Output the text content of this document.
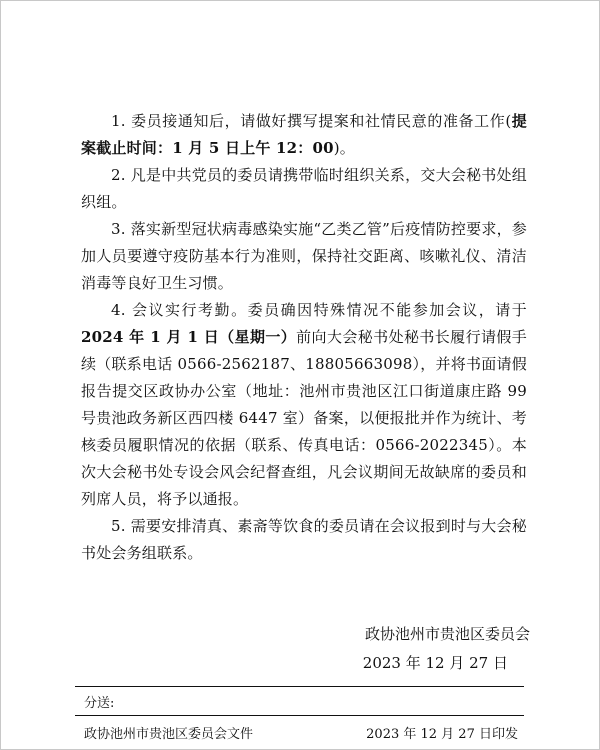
1. 委员接通知后，请做好撰写提案和社情民意的准备工作(提案截止时间：1 月 5 日上午 12：00)。

2. 凡是中共党员的委员请携带临时组织关系，交大会秘书处组织组。

3. 落实新型冠状病毒感染实施“乙类乙管”后疫情防控要求，参加人员要遵守疫防基本行为准则，保持社交距离、咳嗽礼仪、清洁消毒等良好卫生习惯。

4. 会议实行考勤。委员确因特殊情况不能参加会议，请于2024 年 1 月 1 日（星期一）前向大会秘书处秘书长履行请假手续（联系电话 0566-2562187、18805663098），并将书面请假报告提交区政协办公室（地址：池州市贵池区江口街道康庄路 99 号贵池政务新区西四楼 6447 室）备案，以便报批并作为统计、考核委员履职情况的依据（联系、传真电话：0566-2022345）。本次大会秘书处专设会风会纪督查组，凡会议期间无故缺席的委员和列席人员，将予以通报。

5. 需要安排清真、素斋等饮食的委员请在会议报到时与大会秘书处会务组联系。

政协池州市贵池区委员会
2023 年 12 月 27 日
分送:
政协池州市贵池区委员会文件	2023 年 12 月 27 日印发
